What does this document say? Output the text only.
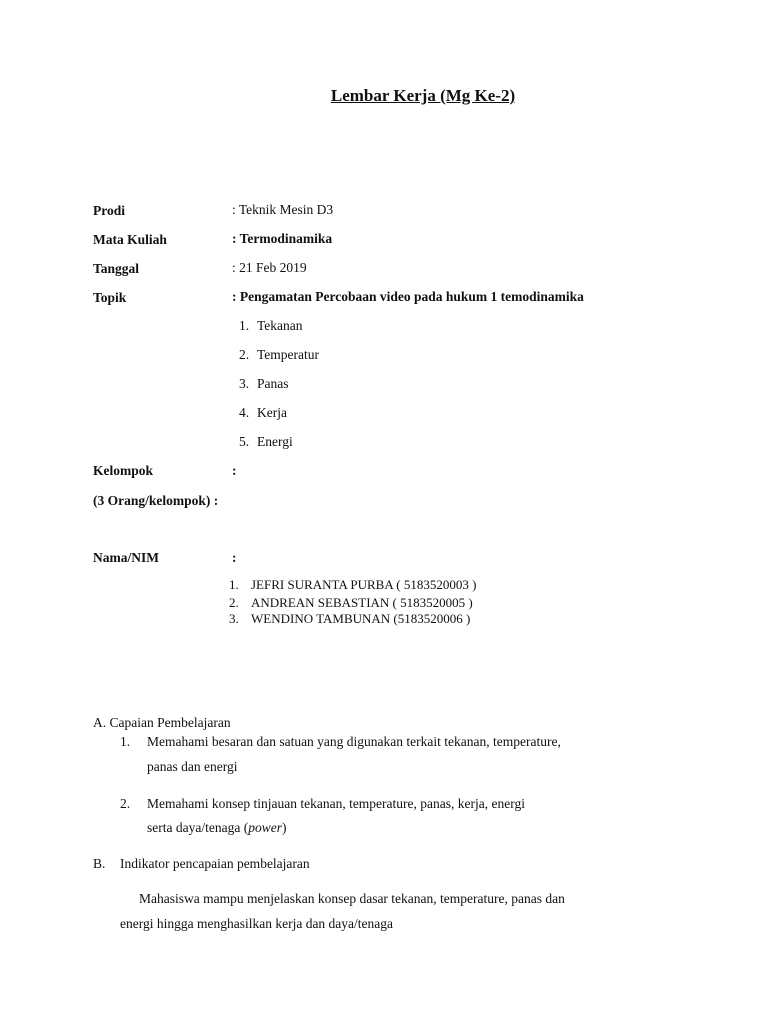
Lembar Kerja (Mg Ke-2)
Prodi	: Teknik Mesin D3
Mata Kuliah	: Termodinamika
Tanggal	: 21 Feb 2019
Topik	: Pengamatan Percobaan video pada hukum 1 temodinamika
1. Tekanan
2. Temperatur
3. Panas
4. Kerja
5. Energi
Kelompok	:
(3 Orang/kelompok) :
Nama/NIM	:
1. JEFRI SURANTA PURBA ( 5183520003 )
2. ANDREAN SEBASTIAN ( 5183520005 )
3. WENDINO TAMBUNAN (5183520006 )
A. Capaian Pembelajaran
1. Memahami besaran dan satuan yang digunakan terkait tekanan, temperature,
panas dan energi
2. Memahami konsep tinjauan tekanan, temperature, panas, kerja, energi
serta daya/tenaga (power)
B. Indikator pencapaian pembelajaran
Mahasiswa mampu menjelaskan konsep dasar tekanan, temperature, panas dan
energi hingga menghasilkan kerja dan daya/tenaga
